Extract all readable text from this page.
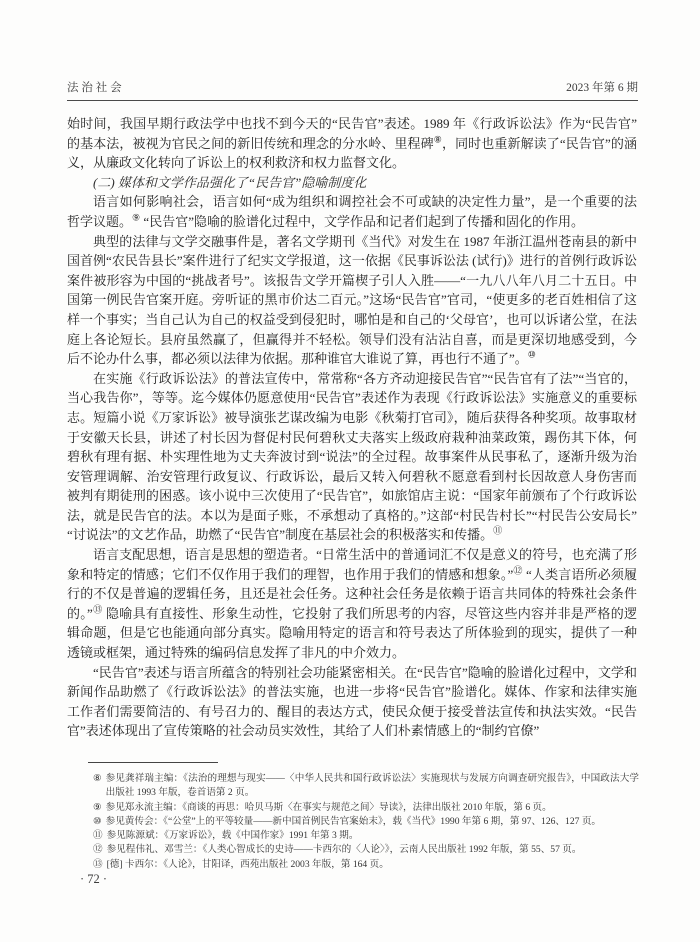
法 治 社 会	2023 年第 6 期

始时间，我国早期行政法学中也找不到今天的“民告官”表述。1989 年《行政诉讼法》作为“民告官”的基本法，被视为官民之间的新旧传统和理念的分水岭、里程碑⑧，同时也重新解读了“民告官”的涵义，从廉政文化转向了诉讼上的权利救济和权力监督文化。

(二) 媒体和文学作品强化了“民告官”隐喻制度化

语言如何影响社会，语言如何“成为组织和调控社会不可或缺的决定性力量”，是一个重要的法哲学议题。⑨ “民告官”隐喻的脸谱化过程中，文学作品和记者们起到了传播和固化的作用。

典型的法律与文学交融事件是，著名文学期刊《当代》对发生在 1987 年浙江温州苍南县的新中国首例“农民告县长”案件进行了纪实文学报道，这一依据《民事诉讼法 (试行)》进行的首例行政诉讼案件被形容为中国的“挑战者号”。该报告文学开篇楔子引人入胜——“一九八八年八月二十五日。中国第一例民告官案开庭。旁听证的黑市价达二百元。”这场“民告官”官司，“使更多的老百姓相信了这样一个事实；当自己认为自己的权益受到侵犯时，哪怕是和自己的‘父母官’，也可以诉诸公堂，在法庭上各论短长。县府虽然赢了，但赢得并不轻松。领导们没有沾沾自喜，而是更深切地感受到，今后不论办什么事，都必须以法律为依据。那种谁官大谁说了算，再也行不通了”。⑩

在实施《行政诉讼法》的普法宣传中，常常称“各方齐动迎接民告官”“民告官有了法”“当官的，当心我告你”，等等。迄今媒体仍愿意使用“民告官”表述作为表现《行政诉讼法》实施意义的重要标志。短篇小说《万家诉讼》被导演张艺谋改编为电影《秋菊打官司》，随后获得各种奖项。故事取材于安徽天长县，讲述了村长因为督促村民何碧秋丈夫落实上级政府栽种油菜政策，踢伤其下体，何碧秋有理有据、朴实理性地为丈夫奔波讨到“说法”的全过程。故事案件从民事私了，逐渐升级为治安管理调解、治安管理行政复议、行政诉讼，最后又转入何碧秋不愿意看到村长因故意人身伤害而被判有期徒刑的困惑。该小说中三次使用了“民告官”，如旅馆店主说：“国家年前颁布了个行政诉讼法，就是民告官的法。本以为是面子账，不承想动了真格的。”这部“村民告村长”“村民告公安局长”“讨说法”的文艺作品，助燃了“民告官”制度在基层社会的积极落实和传播。⑪

语言支配思想，语言是思想的塑造者。“日常生活中的普通词汇不仅是意义的符号，也充满了形象和特定的情感；它们不仅作用于我们的理智，也作用于我们的情感和想象。”⑫ “人类言语所必须履行的不仅是普遍的逻辑任务，且还是社会任务。这种社会任务是依赖于语言共同体的特殊社会条件的。”⑬ 隐喻具有直接性、形象生动性，它投射了我们所思考的内容，尽管这些内容并非是严格的逻辑命题，但是它也能通向部分真实。隐喻用特定的语言和符号表达了所体验到的现实，提供了一种透镜或框架，通过特殊的编码信息发挥了非凡的中介效力。

“民告官”表述与语言所蕴含的特别社会功能紧密相关。在“民告官”隐喻的脸谱化过程中，文学和新闻作品助燃了《行政诉讼法》的普法实施，也进一步将“民告官”脸谱化。媒体、作家和法律实施工作者们需要简洁的、有号召力的、醒目的表达方式，使民众便于接受普法宣传和执法实效。“民告官”表述体现出了宣传策略的社会动员实效性，其给了人们朴素情感上的“制约官僚”

⑧ 参见龚祥瑞主编：《法治的理想与现实——〈中华人民共和国行政诉讼法〉实施现状与发展方向调查研究报告》，中国政法大学出版社 1993 年版，卷首语第 2 页。
⑨ 参见郑永流主编：《商谈的再思：哈贝马斯〈在事实与规范之间〉导读》，法律出版社 2010 年版，第 6 页。
⑩ 参见黄传会：《“公堂”上的平等较量——新中国首例民告官案始末》，载《当代》1990 年第 6 期，第 97、126、127 页。
⑪ 参见陈源斌：《万家诉讼》，载《中国作家》1991 年第 3 期。
⑫ 参见程伟礼、邓雪兰：《人类心智成长的史诗——卡西尔的〈人论〉》，云南人民出版社 1992 年版，第 55、57 页。
⑬ [德] 卡西尔：《人论》，甘阳译，西苑出版社 2003 年版，第 164 页。
· 72 ·
